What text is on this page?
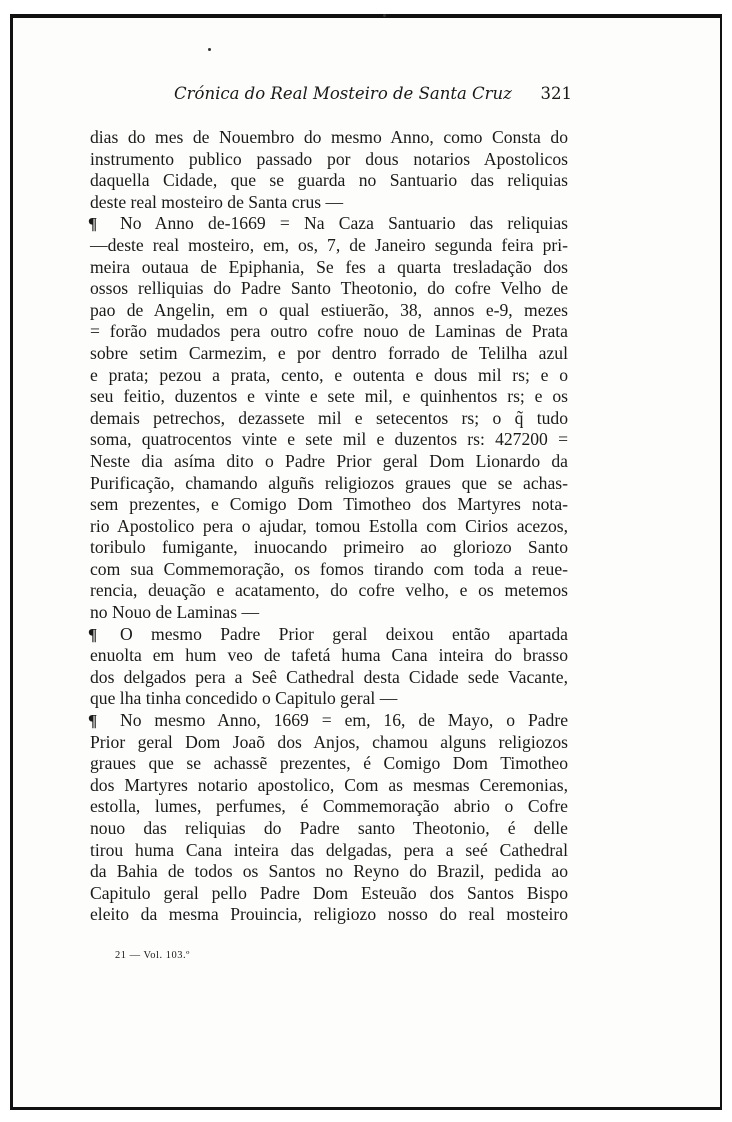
Crónica do Real Mosteiro de Santa Cruz 321
dias do mes de Nouembro do mesmo Anno, como Consta do
instrumento publico passado por dous notarios Apostolicos
daquella Cidade, que se guarda no Santuario das reliquias
deste real mosteiro de Santa crus —
¶ No Anno de-1669 = Na Caza Santuario das reliquias
—deste real mosteiro, em, os, 7, de Janeiro segunda feira pri-
meira outaua de Epiphania, Se fes a quarta tresladação dos
ossos relliquias do Padre Santo Theotonio, do cofre Velho de
pao de Angelin, em o qual estiuerão, 38, annos e-9, mezes
= forão mudados pera outro cofre nouo de Laminas de Prata
sobre setim Carmezim, e por dentro forrado de Telilha azul
e prata; pezou a prata, cento, e outenta e dous mil rs; e o
seu feitio, duzentos e vinte e sete mil, e quinhentos rs; e os
demais petrechos, dezassete mil e setecentos rs; o q̃ tudo
soma, quatrocentos vinte e sete mil e duzentos rs: 427200 =
Neste dia asíma dito o Padre Prior geral Dom Lionardo da
Purificação, chamando alguñs religiozos graues que se achas-
sem prezentes, e Comigo Dom Timotheo dos Martyres nota-
rio Apostolico pera o ajudar, tomou Estolla com Cirios acezos,
toribulo fumigante, inuocando primeiro ao gloriozo Santo
com sua Commemoração, os fomos tirando com toda a reue-
rencia, deuação e acatamento, do cofre velho, e os metemos
no Nouo de Laminas —
¶ O mesmo Padre Prior geral deixou então apartada
enuolta em hum veo de tafetá huma Cana inteira do brasso
dos delgados pera a Seê Cathedral desta Cidade sede Vacante,
que lha tinha concedido o Capitulo geral —
¶ No mesmo Anno, 1669 = em, 16, de Mayo, o Padre
Prior geral Dom Joaõ dos Anjos, chamou alguns religiozos
graues que se achassẽ prezentes, é Comigo Dom Timotheo
dos Martyres notario apostolico, Com as mesmas Ceremonias,
estolla, lumes, perfumes, é Commemoração abrio o Cofre
nouo das reliquias do Padre santo Theotonio, é delle
tirou huma Cana inteira das delgadas, pera a seé Cathedral
da Bahia de todos os Santos no Reyno do Brazil, pedida ao
Capitulo geral pello Padre Dom Esteuão dos Santos Bispo
eleito da mesma Prouincia, religiozo nosso do real mosteiro
21 — Vol. 103.º
